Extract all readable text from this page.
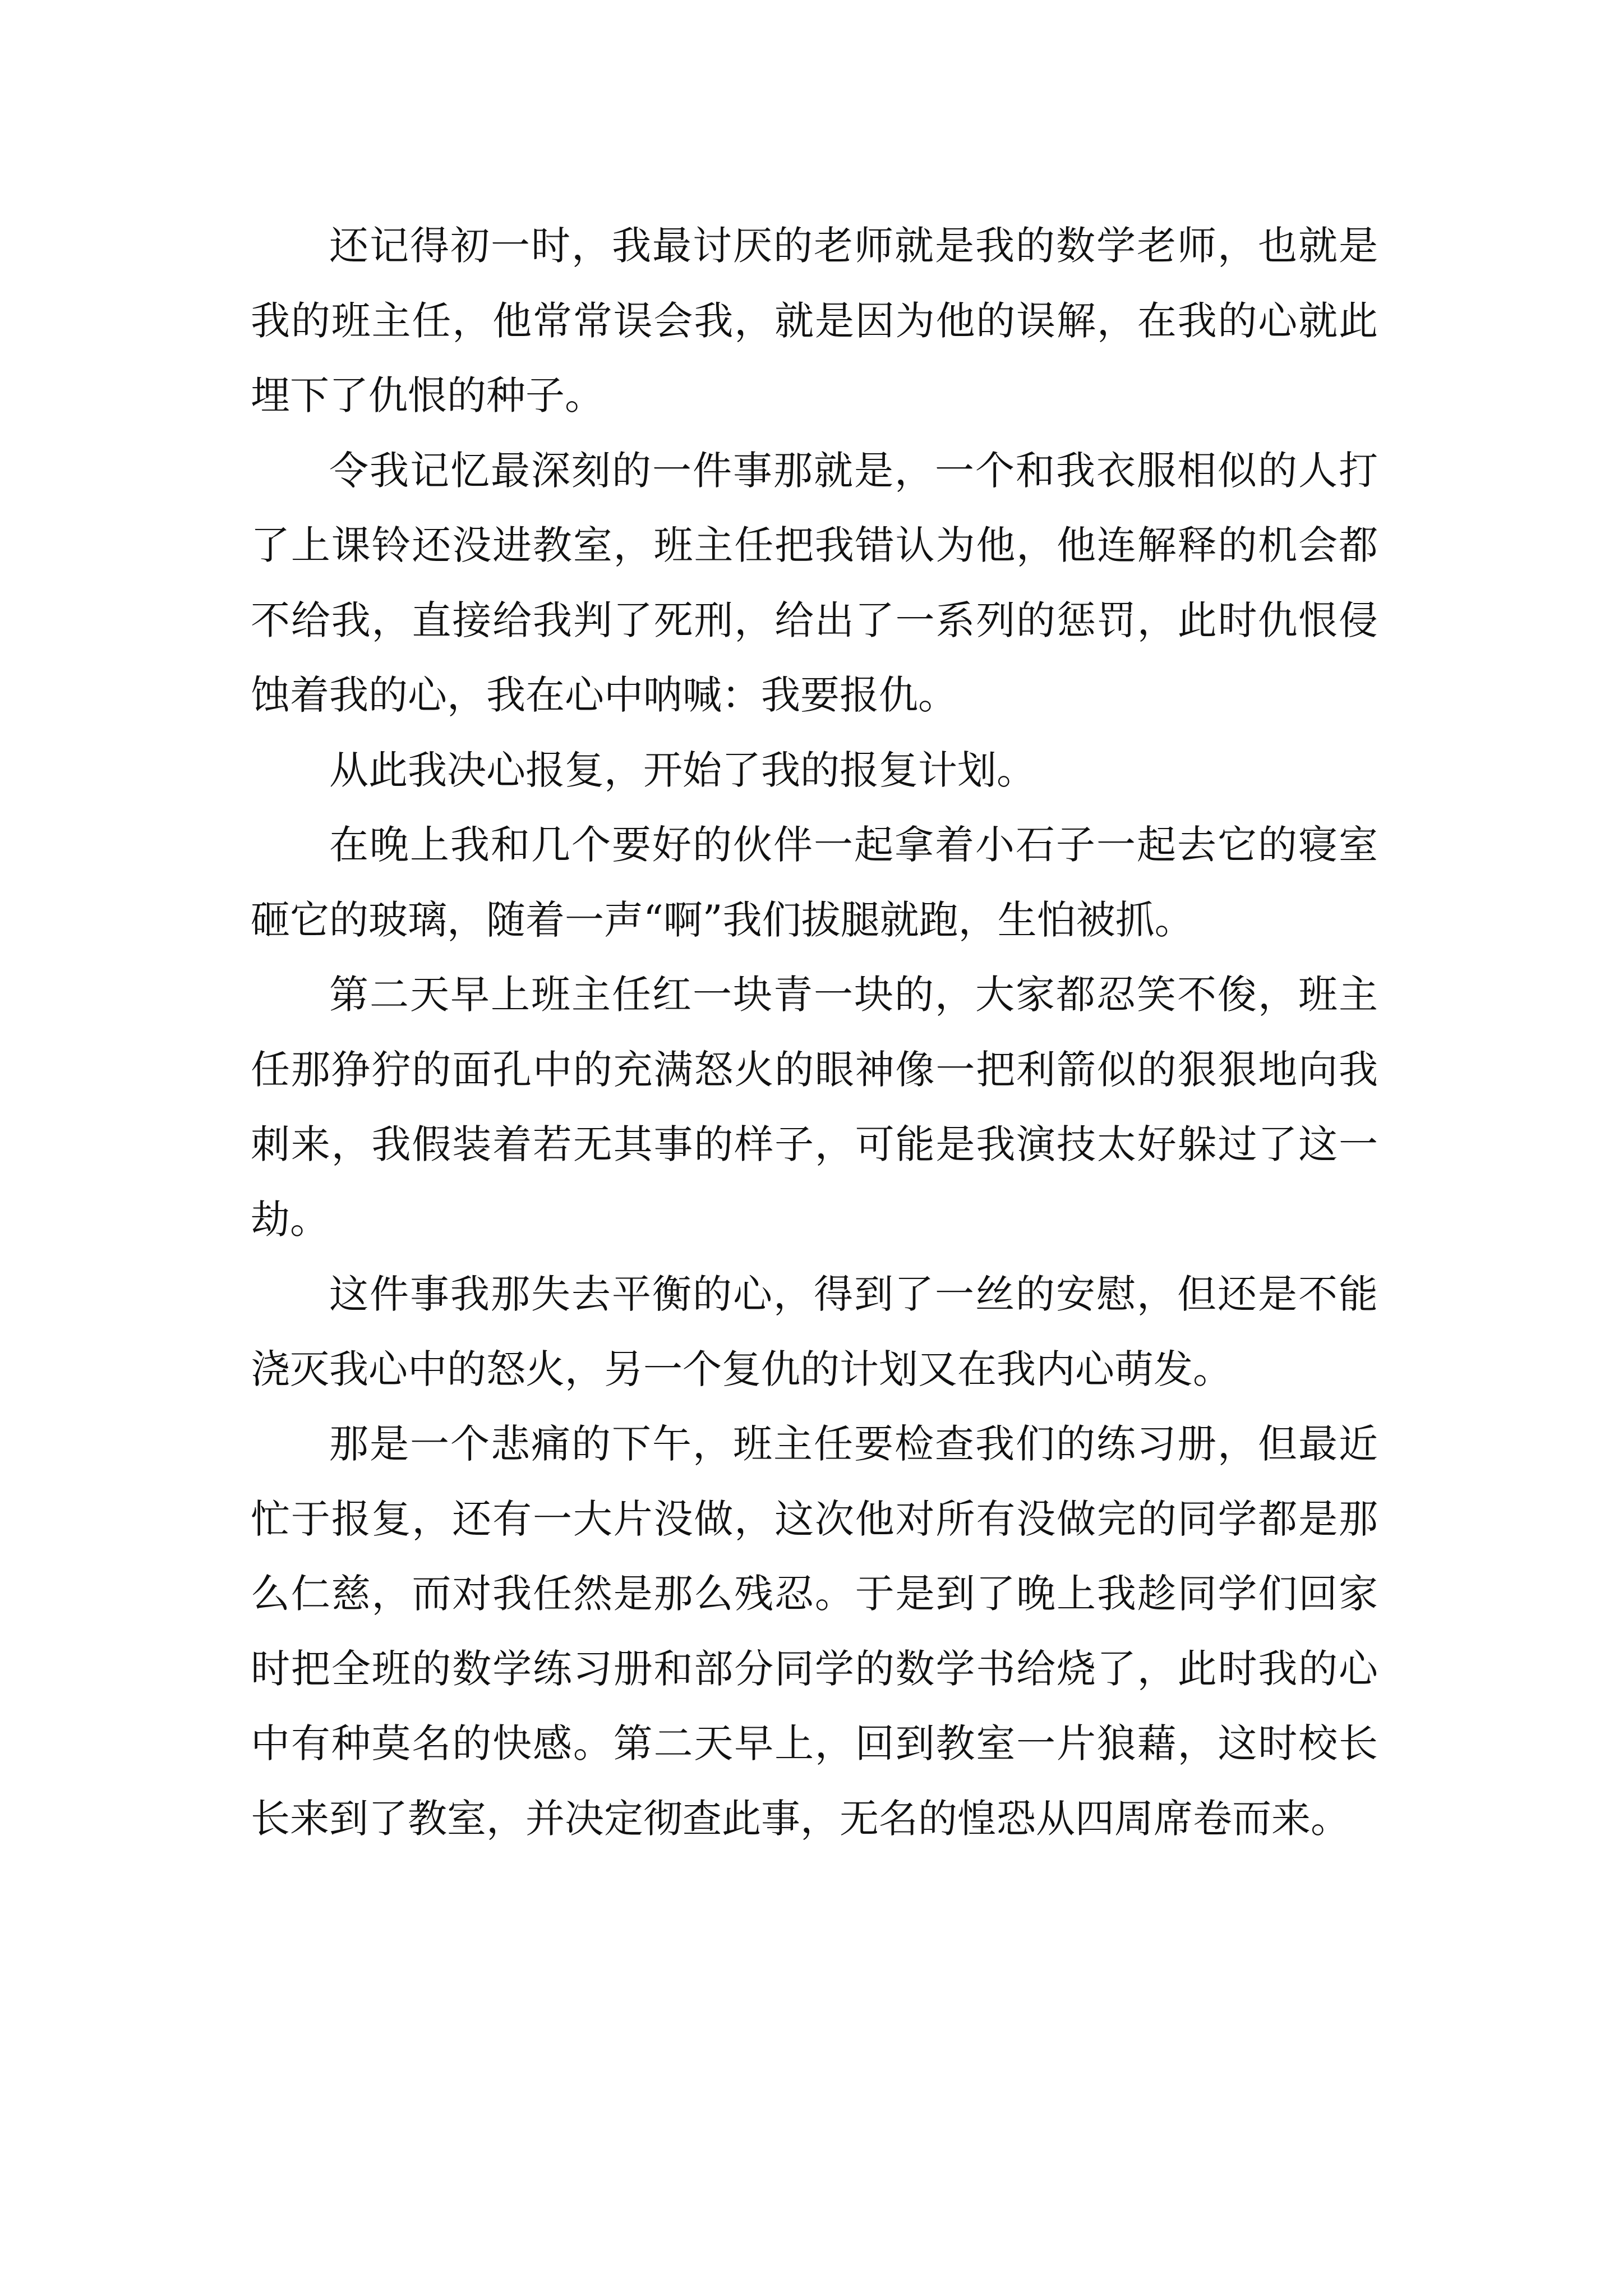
还记得初一时，我最讨厌的老师就是我的数学老师，也就是我的班主任，他常常误会我，就是因为他的误解，在我的心就此埋下了仇恨的种子。

令我记忆最深刻的一件事那就是，一个和我衣服相似的人打了上课铃还没进教室，班主任把我错认为他，他连解释的机会都不给我，直接给我判了死刑，给出了一系列的惩罚，此时仇恨侵蚀着我的心，我在心中呐喊：我要报仇。

从此我决心报复，开始了我的报复计划。

在晚上我和几个要好的伙伴一起拿着小石子一起去它的寝室砸它的玻璃，随着一声“啊”我们拔腿就跑，生怕被抓。

第二天早上班主任红一块青一块的，大家都忍笑不俊，班主任那狰狞的面孔中的充满怒火的眼神像一把利箭似的狠狠地向我刺来，我假装着若无其事的样子，可能是我演技太好躲过了这一劫。

这件事我那失去平衡的心，得到了一丝的安慰，但还是不能浇灭我心中的怒火，另一个复仇的计划又在我内心萌发。

那是一个悲痛的下午，班主任要检查我们的练习册，但最近忙于报复，还有一大片没做，这次他对所有没做完的同学都是那么仁慈，而对我任然是那么残忍。于是到了晚上我趁同学们回家时把全班的数学练习册和部分同学的数学书给烧了，此时我的心中有种莫名的快感。第二天早上，回到教室一片狼藉，这时校长长来到了教室，并决定彻查此事，无名的惶恐从四周席卷而来。
